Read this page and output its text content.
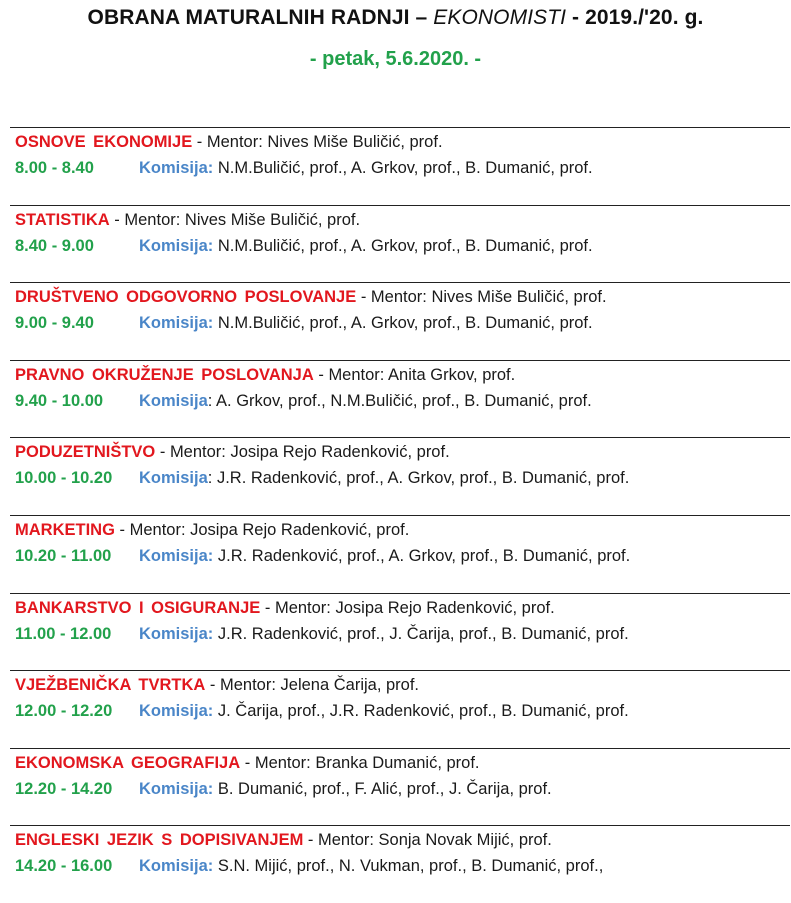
OBRANA MATURALNIH RADNJI – EKONOMISTI - 2019./'20. g.
- petak, 5.6.2020. -
OSNOVE EKONOMIJE - Mentor: Nives Miše Buličić, prof.
8.00 - 8.40	Komisija: N.M.Buličić, prof., A. Grkov, prof., B. Dumanić, prof.
STATISTIKA - Mentor: Nives Miše Buličić, prof.
8.40 - 9.00	Komisija: N.M.Buličić, prof., A. Grkov, prof., B. Dumanić, prof.
DRUŠTVENO ODGOVORNO POSLOVANJE - Mentor: Nives Miše Buličić, prof.
9.00 - 9.40	Komisija: N.M.Buličić, prof., A. Grkov, prof., B. Dumanić, prof.
PRAVNO OKRUŽENJE POSLOVANJA - Mentor: Anita Grkov, prof.
9.40 - 10.00 Komisija: A. Grkov, prof., N.M.Buličić, prof., B. Dumanić, prof.
PODUZETNIŠTVO - Mentor: Josipa Rejo Radenković, prof.
10.00 - 10.20 Komisija: J.R. Radenković, prof., A. Grkov, prof., B. Dumanić, prof.
MARKETING - Mentor: Josipa Rejo Radenković, prof.
10.20 - 11.00 Komisija: J.R. Radenković, prof., A. Grkov, prof., B. Dumanić, prof.
BANKARSTVO I OSIGURANJE - Mentor: Josipa Rejo Radenković, prof.
11.00 - 12.00 Komisija: J.R. Radenković, prof., J. Čarija, prof., B. Dumanić, prof.
VJEŽBENIČKA TVRTKA - Mentor: Jelena Čarija, prof.
12.00 - 12.20 Komisija: J. Čarija, prof., J.R. Radenković, prof., B. Dumanić, prof.
EKONOMSKA GEOGRAFIJA - Mentor: Branka Dumanić, prof.
12.20 - 14.20 Komisija: B. Dumanić, prof., F. Alić, prof., J. Čarija, prof.
ENGLESKI JEZIK S DOPISIVANJEM - Mentor: Sonja Novak Mijić, prof.
14.20 - 16.00 Komisija: S.N. Mijić, prof., N. Vukman, prof., B. Dumanić, prof.,
